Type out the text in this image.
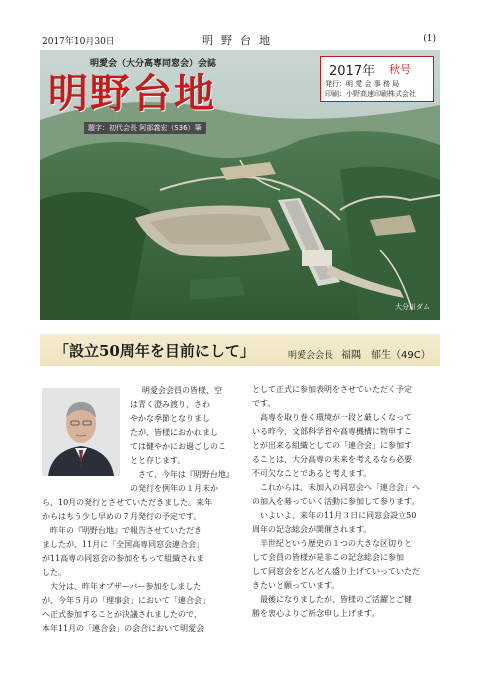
2017年10月30日	明野台地	(1)
明愛会（大分高専同窓会）会誌
明野台地
題字：初代会長 阿部義宏（S36）筆
2017年 秋号
発行：明 愛 会 事 務 局
印刷：小野高速印刷株式会社
大分川ダム
「設立50周年を目前にして」	明愛会会長 福隅　郁生（49C）
明愛会会員の皆様、空
は青く澄み渡り、さわ
やかな季節となりまし
たが、皆様におかれまし
ては健やかにお過ごしのこ
とと存じます。
　さて、今年は『明野台地』
の発行を例年の１月末か
ら、10月の発行とさせていただきました。来年
からはもう少し早めの７月発行の予定です。
　昨年の『明野台地』で報告させていただき
ましたが、11月に「全国高専同窓会連合会」
が11高専の同窓会の参加をもって組織されま
した。
　大分は、昨年オブザーバー参加をしました
が、今年５月の「理事会」において「連合会」
へ正式参加することが決議されましたので、
本年11月の「連合会」の会合において明愛会
として正式に参加表明をさせていただく予定
です。
　高専を取り巻く環境が一段と厳しくなって
いる昨今、文部科学省や高専機構に物申すこ
とが出来る組織としての「連合会」に参加す
ることは、大分高専の未来を考えるなら必要
不可欠なことであると考えます。
　これからは、未加入の同窓会へ「連合会」へ
の加入を募っていく活動に参加して参ります。
　いよいよ、来年の11月３日に同窓会設立50
周年の記念総会が開催されます。
　半世紀という歴史の１つの大きな区切りと
して会員の皆様が是非この記念総会に参加
して同窓会をどんどん盛り上げていっていただ
きたいと願っています。
　最後になりましたが、皆様のご活躍とご健
勝を衷心よりご祈念申し上げます。
